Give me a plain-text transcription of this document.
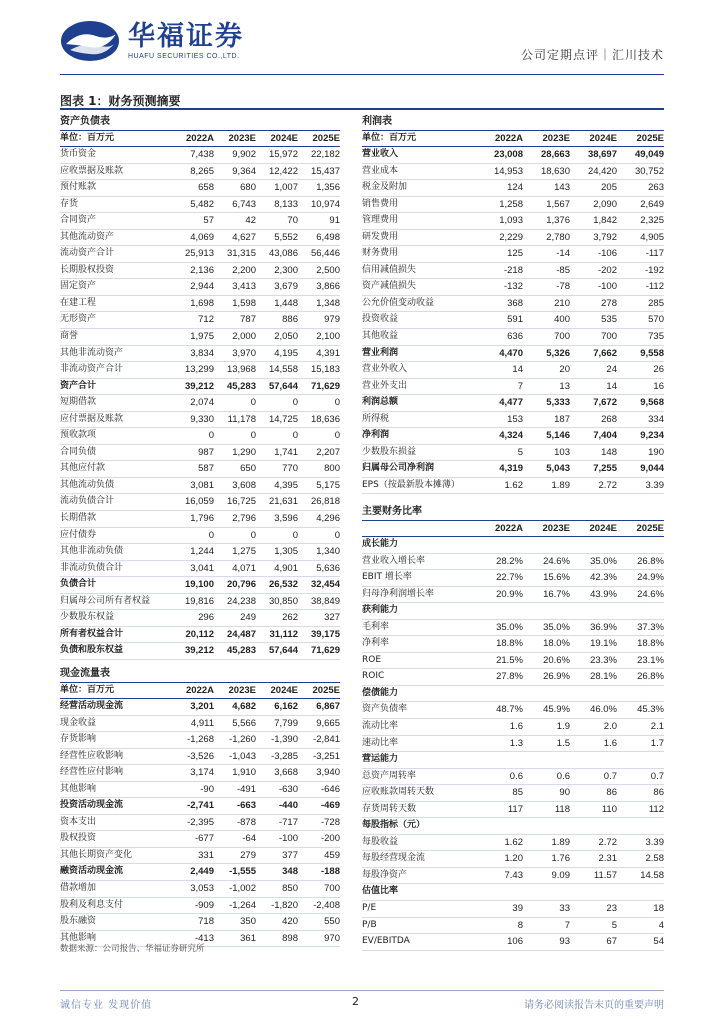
华福证券
HUAFU SECURITIES CO.,LTD.	公司定期点评｜汇川技术
图表 1：财务预测摘要
资产负债表
单位：百万元	2022A	2023E	2024E	2025E
货币资金	7,438	9,902	15,972	22,182
应收票据及账款	8,265	9,364	12,422	15,437
预付账款	658	680	1,007	1,356
存货	5,482	6,743	8,133	10,974
合同资产	57	42	70	91
其他流动资产	4,069	4,627	5,552	6,498
流动资产合计	25,913	31,315	43,086	56,446
长期股权投资	2,136	2,200	2,300	2,500
固定资产	2,944	3,413	3,679	3,866
在建工程	1,698	1,598	1,448	1,348
无形资产	712	787	886	979
商誉	1,975	2,000	2,050	2,100
其他非流动资产	3,834	3,970	4,195	4,391
非流动资产合计	13,299	13,968	14,558	15,183
资产合计	39,212	45,283	57,644	71,629
短期借款	2,074	0	0	0
应付票据及账款	9,330	11,178	14,725	18,636
预收款项	0	0	0	0
合同负债	987	1,290	1,741	2,207
其他应付款	587	650	770	800
其他流动负债	3,081	3,608	4,395	5,175
流动负债合计	16,059	16,725	21,631	26,818
长期借款	1,796	2,796	3,596	4,296
应付债券	0	0	0	0
其他非流动负债	1,244	1,275	1,305	1,340
非流动负债合计	3,041	4,071	4,901	5,636
负债合计	19,100	20,796	26,532	32,454
归属母公司所有者权益	19,816	24,238	30,850	38,849
少数股东权益	296	249	262	327
所有者权益合计	20,112	24,487	31,112	39,175
负债和股东权益	39,212	45,283	57,644	71,629
现金流量表
单位：百万元	2022A	2023E	2024E	2025E
经营活动现金流	3,201	4,682	6,162	6,867
现金收益	4,911	5,566	7,799	9,665
存货影响	-1,268	-1,260	-1,390	-2,841
经营性应收影响	-3,526	-1,043	-3,285	-3,251
经营性应付影响	3,174	1,910	3,668	3,940
其他影响	-90	-491	-630	-646
投资活动现金流	-2,741	-663	-440	-469
资本支出	-2,395	-878	-717	-728
股权投资	-677	-64	-100	-200
其他长期资产变化	331	279	377	459
融资活动现金流	2,449	-1,555	348	-188
借款增加	3,053	-1,002	850	700
股利及利息支付	-909	-1,264	-1,820	-2,408
股东融资	718	350	420	550
其他影响	-413	361	898	970
利润表
单位：百万元	2022A	2023E	2024E	2025E
营业收入	23,008	28,663	38,697	49,049
营业成本	14,953	18,630	24,420	30,752
税金及附加	124	143	205	263
销售费用	1,258	1,567	2,090	2,649
管理费用	1,093	1,376	1,842	2,325
研发费用	2,229	2,780	3,792	4,905
财务费用	125	-14	-106	-117
信用减值损失	-218	-85	-202	-192
资产减值损失	-132	-78	-100	-112
公允价值变动收益	368	210	278	285
投资收益	591	400	535	570
其他收益	636	700	700	735
营业利润	4,470	5,326	7,662	9,558
营业外收入	14	20	24	26
营业外支出	7	13	14	16
利润总额	4,477	5,333	7,672	9,568
所得税	153	187	268	334
净利润	4,324	5,146	7,404	9,234
少数股东损益	5	103	148	190
归属母公司净利润	4,319	5,043	7,255	9,044
EPS（按最新股本摊薄）	1.62	1.89	2.72	3.39
主要财务比率
2022A	2023E	2024E	2025E
成长能力
营业收入增长率	28.2%	24.6%	35.0%	26.8%
EBIT 增长率	22.7%	15.6%	42.3%	24.9%
归母净利润增长率	20.9%	16.7%	43.9%	24.6%
获利能力
毛利率	35.0%	35.0%	36.9%	37.3%
净利率	18.8%	18.0%	19.1%	18.8%
ROE	21.5%	20.6%	23.3%	23.1%
ROIC	27.8%	26.9%	28.1%	26.8%
偿债能力
资产负债率	48.7%	45.9%	46.0%	45.3%
流动比率	1.6	1.9	2.0	2.1
速动比率	1.3	1.5	1.6	1.7
营运能力
总资产周转率	0.6	0.6	0.7	0.7
应收账款周转天数	85	90	86	86
存货周转天数	117	118	110	112
每股指标（元）
每股收益	1.62	1.89	2.72	3.39
每股经营现金流	1.20	1.76	2.31	2.58
每股净资产	7.43	9.09	11.57	14.58
估值比率
P/E	39	33	23	18
P/B	8	7	5	4
EV/EBITDA	106	93	67	54
数据来源：公司报告、华福证券研究所
诚信专业 发现价值	2	请务必阅读报告末页的重要声明
